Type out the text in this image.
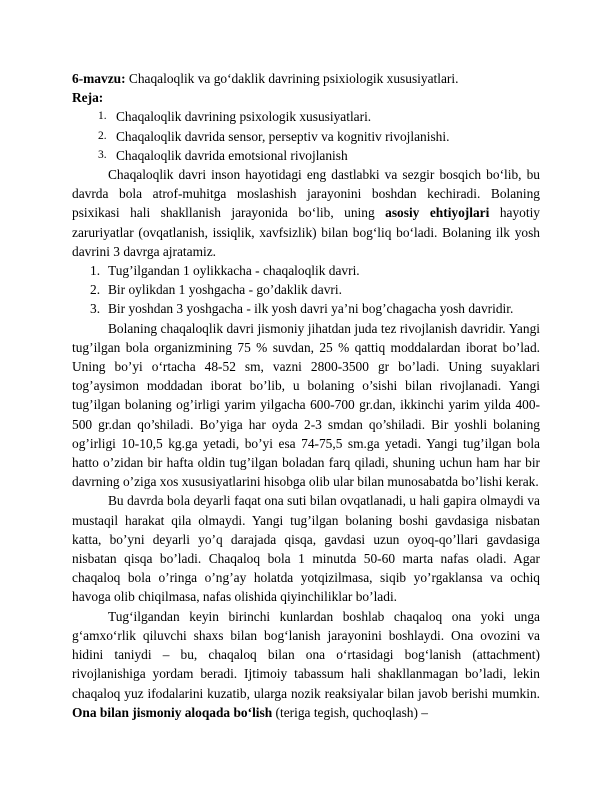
6-mavzu: Chaqaloqlik va go‘daklik davrining psixiologik xususiyatlari.
Reja:
1. Chaqaloqlik davrining psixologik xususiyatlari.
2. Chaqaloqlik davrida sensor, perseptiv va kognitiv rivojlanishi.
3. Chaqaloqlik davrida emotsional rivojlanish

Chaqaloqlik davri inson hayotidagi eng dastlabki va sezgir bosqich bo‘lib, bu davrda bola atrof-muhitga moslashish jarayonini boshdan kechiradi. Bolaning psixikasi hali shakllanish jarayonida bo‘lib, uning asosiy ehtiyojlari hayotiy zaruriyatlar (ovqatlanish, issiqlik, xavfsizlik) bilan bog‘liq bo‘ladi. Bolaning ilk yosh davrini 3 davrga ajratamiz.

1. Tug’ilgandan 1 oylikkacha - chaqaloqlik davri.
2. Bir oylikdan 1 yoshgacha - go’daklik davri.
3. Bir yoshdan 3 yoshgacha - ilk yosh davri ya’ni bog’chagacha yosh davridir.

Bolaning chaqaloqlik davri jismoniy jihatdan juda tez rivojlanish davridir. Yangi tug’ilgan bola organizmining 75 % suvdan, 25 % qattiq moddalardan iborat bo’lad. Uning bo’yi o‘rtacha 48-52 sm, vazni 2800-3500 gr bo’ladi. Uning suyaklari tog’aysimon moddadan iborat bo’lib, u bolaning o’sishi bilan rivojlanadi. Yangi tug’ilgan bolaning og’irligi yarim yilgacha 600-700 gr.dan, ikkinchi yarim yilda 400-500 gr.dan qo’shiladi. Bo’yiga har oyda 2-3 smdan qo’shiladi. Bir yoshli bolaning og’irligi 10-10,5 kg.ga yetadi, bo’yi esa 74-75,5 sm.ga yetadi. Yangi tug’ilgan bola hatto o’zidan bir hafta oldin tug’ilgan boladan farq qiladi, shuning uchun ham har bir davrning o’ziga xos xususiyatlarini hisobga olib ular bilan munosabatda bo’lishi kerak.

Bu davrda bola deyarli faqat ona suti bilan ovqatlanadi, u hali gapira olmaydi va mustaqil harakat qila olmaydi. Yangi tug’ilgan bolaning boshi gavdasiga nisbatan katta, bo’yni deyarli yo’q darajada qisqa, gavdasi uzun oyoq-qo’llari gavdasiga nisbatan qisqa bo’ladi. Chaqaloq bola 1 minutda 50-60 marta nafas oladi. Agar chaqaloq bola o’ringa o’ng’ay holatda yotqizilmasa, siqib yo’rgaklansa va ochiq havoga olib chiqilmasa, nafas olishida qiyinchiliklar bo’ladi.

Tug‘ilgandan keyin birinchi kunlardan boshlab chaqaloq ona yoki unga g‘amxo‘rlik qiluvchi shaxs bilan bog‘lanish jarayonini boshlaydi. Ona ovozini va hidini taniydi – bu, chaqaloq bilan ona o‘rtasidagi bog‘lanish (attachment) rivojlanishiga yordam beradi. Ijtimoiy tabassum hali shakllanmagan bo’ladi, lekin chaqaloq yuz ifodalarini kuzatib, ularga nozik reaksiyalar bilan javob berishi mumkin. Ona bilan jismoniy aloqada bo‘lish (teriga tegish, quchoqlash) –
